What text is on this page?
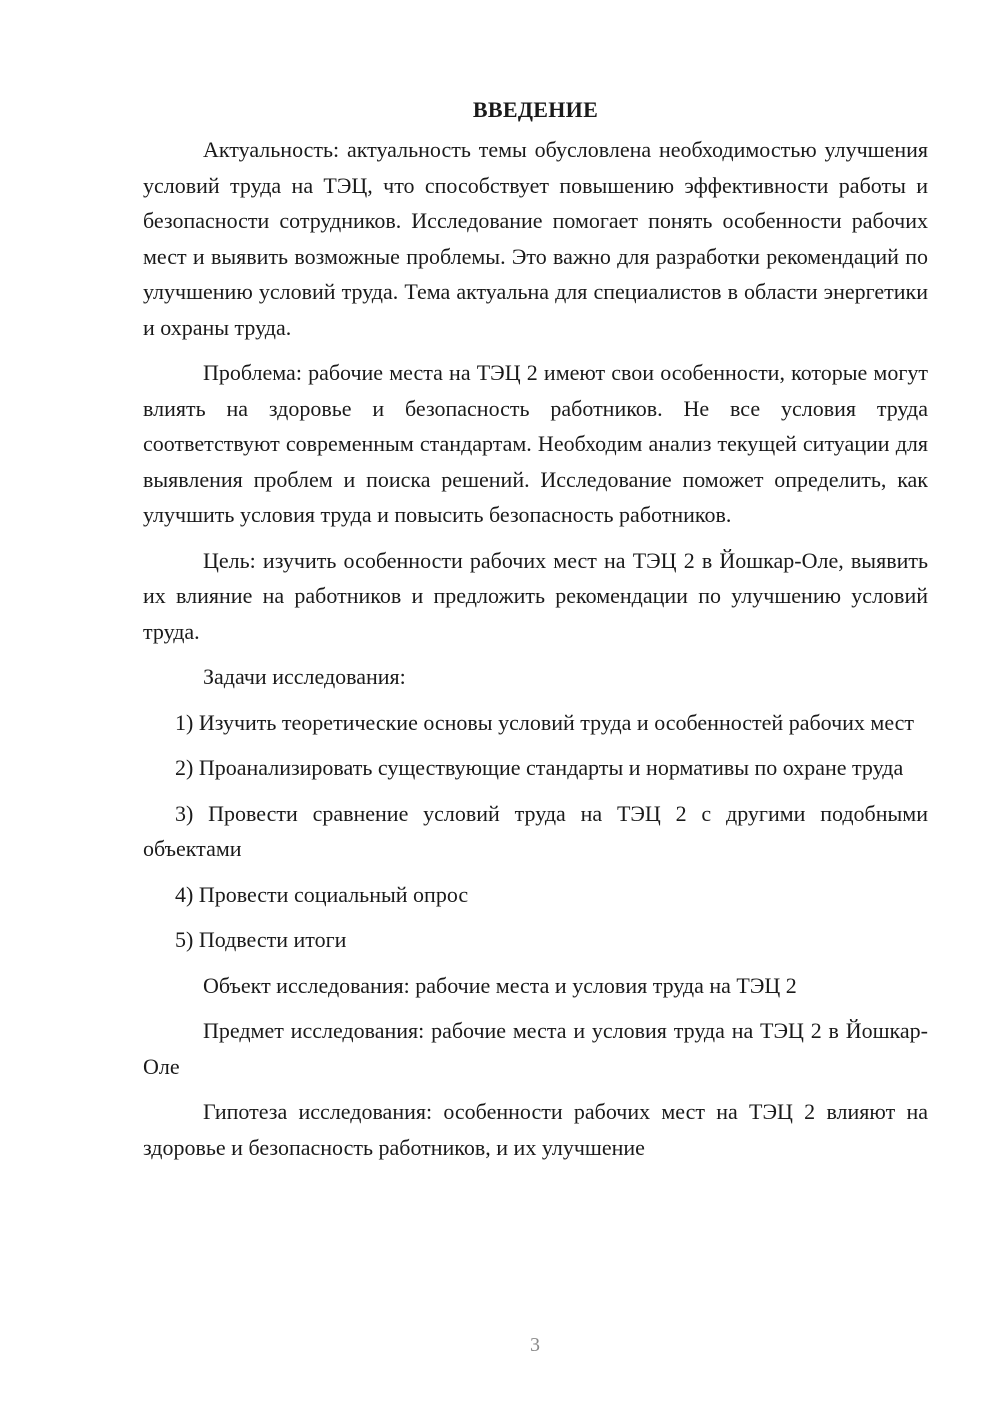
ВВЕДЕНИЕ

Актуальность: актуальность темы обусловлена необходимостью улучшения условий труда на ТЭЦ, что способствует повышению эффективности работы и безопасности сотрудников. Исследование помогает понять особенности рабочих мест и выявить возможные проблемы. Это важно для разработки рекомендаций по улучшению условий труда. Тема актуальна для специалистов в области энергетики и охраны труда.

Проблема: рабочие места на ТЭЦ 2 имеют свои особенности, которые могут влиять на здоровье и безопасность работников. Не все условия труда соответствуют современным стандартам. Необходим анализ текущей ситуации для выявления проблем и поиска решений. Исследование поможет определить, как улучшить условия труда и повысить безопасность работников.

Цель: изучить особенности рабочих мест на ТЭЦ 2 в Йошкар-Оле, выявить их влияние на работников и предложить рекомендации по улучшению условий труда.

Задачи исследования:

1) Изучить теоретические основы условий труда и особенностей рабочих мест

2) Проанализировать существующие стандарты и нормативы по охране труда

3) Провести сравнение условий труда на ТЭЦ 2 с другими подобными объектами

4) Провести социальный опрос

5) Подвести итоги

Объект исследования: рабочие места и условия труда на ТЭЦ 2

Предмет исследования: рабочие места и условия труда на ТЭЦ 2 в Йошкар-Оле

Гипотеза исследования: особенности рабочих мест на ТЭЦ 2 влияют на здоровье и безопасность работников, и их улучшение

3
